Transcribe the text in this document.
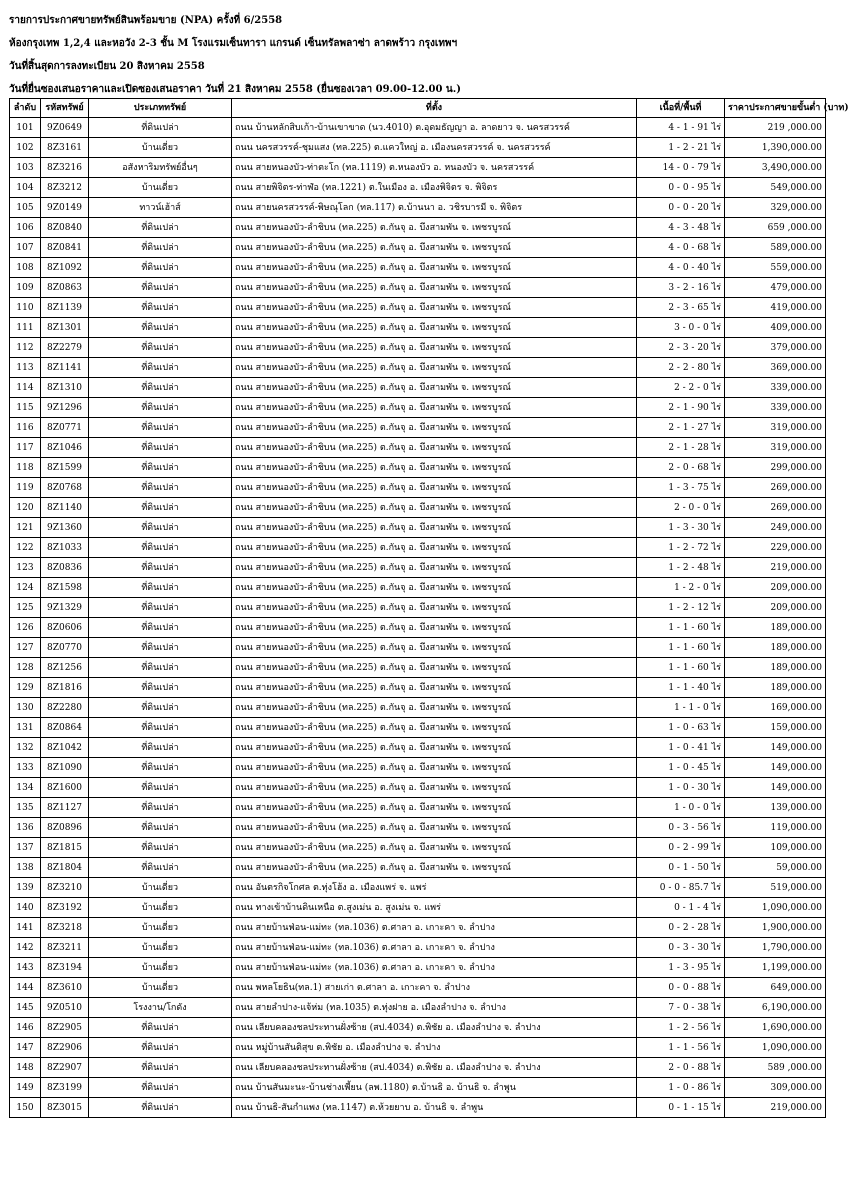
รายการประกาศขายทรัพย์สินพร้อมขาย (NPA) ครั้งที่ 6/2558
ห้องกรุงเทพ 1,2,4 และหอวัง 2-3 ชั้น M โรงแรมเซ็นทารา แกรนด์ เซ็นทรัลพลาซ่า ลาดพร้าว กรุงเทพฯ
วันที่สิ้นสุดการลงทะเบียน 20 สิงหาคม 2558
วันที่ยื่นซองเสนอราคาและเปิดซองเสนอราคา วันที่ 21 สิงหาคม 2558 (ยื่นซองเวลา 09.00-12.00 น.)
ลำดับ	รหัสทรัพย์	ประเภททรัพย์	ที่ตั้ง	เนื้อที่/พื้นที่	ราคาประกาศขายขั้นต่ำ (บาท)
101	9Z0649	ที่ดินเปล่า	ถนน บ้านหลักสิบเก้า-บ้านเขาขาด (นว.4010) ต.อุดมธัญญา อ. ลาดยาว จ. นครสวรรค์	4 - 1 - 91 ไร่	219 ,000.00
102	8Z3161	บ้านเดี่ยว	ถนน นครสวรรค์-ชุมแสง (ทล.225) ต.แควใหญ่ อ. เมืองนครสวรรค์ จ. นครสวรรค์	1 - 2 - 21 ไร่	1,390,000.00
103	8Z3216	อสังหาริมทรัพย์อื่นๆ	ถนน สายหนองบัว-ท่าตะโก (ทล.1119) ต.หนองบัว อ. หนองบัว จ. นครสวรรค์	14 - 0 - 79 ไร่	3,490,000.00
104	8Z3212	บ้านเดี่ยว	ถนน สายพิจิตร-ท่าฬ่อ (ทล.1221) ต.ในเมือง อ. เมืองพิจิตร จ. พิจิตร	0 - 0 - 95 ไร่	549,000.00
105	9Z0149	ทาวน์เฮ้าส์	ถนน สายนครสวรรค์-พิษณุโลก (ทล.117) ต.บ้านนา อ. วชิรบารมี จ. พิจิตร	0 - 0 - 20 ไร่	329,000.00
106	8Z0840	ที่ดินเปล่า	ถนน สายหนองบัว-ลำชิบน (ทล.225) ต.กันจุ อ. บึงสามพัน จ. เพชรบูรณ์	4 - 3 - 48 ไร่	659 ,000.00
107	8Z0841	ที่ดินเปล่า	ถนน สายหนองบัว-ลำชิบน (ทล.225) ต.กันจุ อ. บึงสามพัน จ. เพชรบูรณ์	4 - 0 - 68 ไร่	589,000.00
108	8Z1092	ที่ดินเปล่า	ถนน สายหนองบัว-ลำชิบน (ทล.225) ต.กันจุ อ. บึงสามพัน จ. เพชรบูรณ์	4 - 0 - 40 ไร่	559,000.00
109	8Z0863	ที่ดินเปล่า	ถนน สายหนองบัว-ลำชิบน (ทล.225) ต.กันจุ อ. บึงสามพัน จ. เพชรบูรณ์	3 - 2 - 16 ไร่	479,000.00
110	8Z1139	ที่ดินเปล่า	ถนน สายหนองบัว-ลำชิบน (ทล.225) ต.กันจุ อ. บึงสามพัน จ. เพชรบูรณ์	2 - 3 - 65 ไร่	419,000.00
111	8Z1301	ที่ดินเปล่า	ถนน สายหนองบัว-ลำชิบน (ทล.225) ต.กันจุ อ. บึงสามพัน จ. เพชรบูรณ์	3 - 0 - 0 ไร่	409,000.00
112	8Z2279	ที่ดินเปล่า	ถนน สายหนองบัว-ลำชิบน (ทล.225) ต.กันจุ อ. บึงสามพัน จ. เพชรบูรณ์	2 - 3 - 20 ไร่	379,000.00
113	8Z1141	ที่ดินเปล่า	ถนน สายหนองบัว-ลำชิบน (ทล.225) ต.กันจุ อ. บึงสามพัน จ. เพชรบูรณ์	2 - 2 - 80 ไร่	369,000.00
114	8Z1310	ที่ดินเปล่า	ถนน สายหนองบัว-ลำชิบน (ทล.225) ต.กันจุ อ. บึงสามพัน จ. เพชรบูรณ์	2 - 2 - 0 ไร่	339,000.00
115	9Z1296	ที่ดินเปล่า	ถนน สายหนองบัว-ลำชิบน (ทล.225) ต.กันจุ อ. บึงสามพัน จ. เพชรบูรณ์	2 - 1 - 90 ไร่	339,000.00
116	8Z0771	ที่ดินเปล่า	ถนน สายหนองบัว-ลำชิบน (ทล.225) ต.กันจุ อ. บึงสามพัน จ. เพชรบูรณ์	2 - 1 - 27 ไร่	319,000.00
117	8Z1046	ที่ดินเปล่า	ถนน สายหนองบัว-ลำชิบน (ทล.225) ต.กันจุ อ. บึงสามพัน จ. เพชรบูรณ์	2 - 1 - 28 ไร่	319,000.00
118	8Z1599	ที่ดินเปล่า	ถนน สายหนองบัว-ลำชิบน (ทล.225) ต.กันจุ อ. บึงสามพัน จ. เพชรบูรณ์	2 - 0 - 68 ไร่	299,000.00
119	8Z0768	ที่ดินเปล่า	ถนน สายหนองบัว-ลำชิบน (ทล.225) ต.กันจุ อ. บึงสามพัน จ. เพชรบูรณ์	1 - 3 - 75 ไร่	269,000.00
120	8Z1140	ที่ดินเปล่า	ถนน สายหนองบัว-ลำชิบน (ทล.225) ต.กันจุ อ. บึงสามพัน จ. เพชรบูรณ์	2 - 0 - 0 ไร่	269,000.00
121	9Z1360	ที่ดินเปล่า	ถนน สายหนองบัว-ลำชิบน (ทล.225) ต.กันจุ อ. บึงสามพัน จ. เพชรบูรณ์	1 - 3 - 30 ไร่	249,000.00
122	8Z1033	ที่ดินเปล่า	ถนน สายหนองบัว-ลำชิบน (ทล.225) ต.กันจุ อ. บึงสามพัน จ. เพชรบูรณ์	1 - 2 - 72 ไร่	229,000.00
123	8Z0836	ที่ดินเปล่า	ถนน สายหนองบัว-ลำชิบน (ทล.225) ต.กันจุ อ. บึงสามพัน จ. เพชรบูรณ์	1 - 2 - 48 ไร่	219,000.00
124	8Z1598	ที่ดินเปล่า	ถนน สายหนองบัว-ลำชิบน (ทล.225) ต.กันจุ อ. บึงสามพัน จ. เพชรบูรณ์	1 - 2 - 0 ไร่	209,000.00
125	9Z1329	ที่ดินเปล่า	ถนน สายหนองบัว-ลำชิบน (ทล.225) ต.กันจุ อ. บึงสามพัน จ. เพชรบูรณ์	1 - 2 - 12 ไร่	209,000.00
126	8Z0606	ที่ดินเปล่า	ถนน สายหนองบัว-ลำชิบน (ทล.225) ต.กันจุ อ. บึงสามพัน จ. เพชรบูรณ์	1 - 1 - 60 ไร่	189,000.00
127	8Z0770	ที่ดินเปล่า	ถนน สายหนองบัว-ลำชิบน (ทล.225) ต.กันจุ อ. บึงสามพัน จ. เพชรบูรณ์	1 - 1 - 60 ไร่	189,000.00
128	8Z1256	ที่ดินเปล่า	ถนน สายหนองบัว-ลำชิบน (ทล.225) ต.กันจุ อ. บึงสามพัน จ. เพชรบูรณ์	1 - 1 - 60 ไร่	189,000.00
129	8Z1816	ที่ดินเปล่า	ถนน สายหนองบัว-ลำชิบน (ทล.225) ต.กันจุ อ. บึงสามพัน จ. เพชรบูรณ์	1 - 1 - 40 ไร่	189,000.00
130	8Z2280	ที่ดินเปล่า	ถนน สายหนองบัว-ลำชิบน (ทล.225) ต.กันจุ อ. บึงสามพัน จ. เพชรบูรณ์	1 - 1 - 0 ไร่	169,000.00
131	8Z0864	ที่ดินเปล่า	ถนน สายหนองบัว-ลำชิบน (ทล.225) ต.กันจุ อ. บึงสามพัน จ. เพชรบูรณ์	1 - 0 - 63 ไร่	159,000.00
132	8Z1042	ที่ดินเปล่า	ถนน สายหนองบัว-ลำชิบน (ทล.225) ต.กันจุ อ. บึงสามพัน จ. เพชรบูรณ์	1 - 0 - 41 ไร่	149,000.00
133	8Z1090	ที่ดินเปล่า	ถนน สายหนองบัว-ลำชิบน (ทล.225) ต.กันจุ อ. บึงสามพัน จ. เพชรบูรณ์	1 - 0 - 45 ไร่	149,000.00
134	8Z1600	ที่ดินเปล่า	ถนน สายหนองบัว-ลำชิบน (ทล.225) ต.กันจุ อ. บึงสามพัน จ. เพชรบูรณ์	1 - 0 - 30 ไร่	149,000.00
135	8Z1127	ที่ดินเปล่า	ถนน สายหนองบัว-ลำชิบน (ทล.225) ต.กันจุ อ. บึงสามพัน จ. เพชรบูรณ์	1 - 0 - 0 ไร่	139,000.00
136	8Z0896	ที่ดินเปล่า	ถนน สายหนองบัว-ลำชิบน (ทล.225) ต.กันจุ อ. บึงสามพัน จ. เพชรบูรณ์	0 - 3 - 56 ไร่	119,000.00
137	8Z1815	ที่ดินเปล่า	ถนน สายหนองบัว-ลำชิบน (ทล.225) ต.กันจุ อ. บึงสามพัน จ. เพชรบูรณ์	0 - 2 - 99 ไร่	109,000.00
138	8Z1804	ที่ดินเปล่า	ถนน สายหนองบัว-ลำชิบน (ทล.225) ต.กันจุ อ. บึงสามพัน จ. เพชรบูรณ์	0 - 1 - 50 ไร่	59,000.00
139	8Z3210	บ้านเดี่ยว	ถนน อันตรกิจโกศล ต.ทุ่งโฮ้ง อ. เมืองแพร่ จ. แพร่	0 - 0 - 85.7 ไร่	519,000.00
140	8Z3192	บ้านเดี่ยว	ถนน ทางเข้าบ้านดินเหนือ ต.สูงเม่น อ. สูงเม่น จ. แพร่	0 - 1 - 4 ไร่	1,090,000.00
141	8Z3218	บ้านเดี่ยว	ถนน สายบ้านฟ่อน-แม่ทะ (ทล.1036) ต.ศาลา อ. เกาะคา จ. ลำปาง	0 - 2 - 28 ไร่	1,900,000.00
142	8Z3211	บ้านเดี่ยว	ถนน สายบ้านฟ่อน-แม่ทะ (ทล.1036) ต.ศาลา อ. เกาะคา จ. ลำปาง	0 - 3 - 30 ไร่	1,790,000.00
143	8Z3194	บ้านเดี่ยว	ถนน สายบ้านฟ่อน-แม่ทะ (ทล.1036) ต.ศาลา อ. เกาะคา จ. ลำปาง	1 - 3 - 95 ไร่	1,199,000.00
144	8Z3610	บ้านเดี่ยว	ถนน พหลโยธิน(ทล.1) สายเก่า ต.ศาลา อ. เกาะคา จ. ลำปาง	0 - 0 - 88 ไร่	649,000.00
145	9Z0510	โรงงาน/โกดัง	ถนน สายลำปาง-แจ้ห่ม (ทล.1035) ต.ทุ่งฝาย อ. เมืองลำปาง จ. ลำปาง	7 - 0 - 38 ไร่	6,190,000.00
146	8Z2905	ที่ดินเปล่า	ถนน เลียบคลองชลประทานฝั่งซ้าย (สป.4034) ต.พิชัย อ. เมืองลำปาง จ. ลำปาง	1 - 2 - 56 ไร่	1,690,000.00
147	8Z2906	ที่ดินเปล่า	ถนน หมู่บ้านสันติสุข ต.พิชัย อ. เมืองลำปาง จ. ลำปาง	1 - 1 - 56 ไร่	1,090,000.00
148	8Z2907	ที่ดินเปล่า	ถนน เลียบคลองชลประทานฝั่งซ้าย (สป.4034) ต.พิชัย อ. เมืองลำปาง จ. ลำปาง	2 - 0 - 88 ไร่	589 ,000.00
149	8Z3199	ที่ดินเปล่า	ถนน บ้านสันมะนะ-บ้านช่างเพี้ยน (ลพ.1180) ต.บ้านธิ อ. บ้านธิ จ. ลำพูน	1 - 0 - 86 ไร่	309,000.00
150	8Z3015	ที่ดินเปล่า	ถนน บ้านธิ-สันกำแพง (ทล.1147) ต.ห้วยยาบ อ. บ้านธิ จ. ลำพูน	0 - 1 - 15 ไร่	219,000.00
